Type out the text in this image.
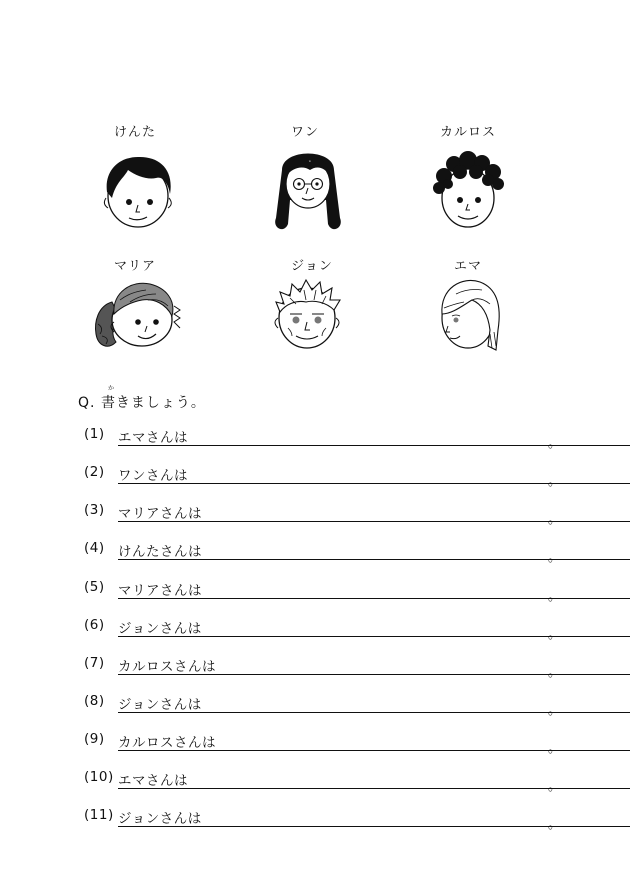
けんた	ワン	カルロス
マリア	ジョン	エマ
か
Q. 書きましょう。
(1) エマさんは	。
(2) ワンさんは	。
(3) マリアさんは	。
(4) けんたさんは	。
(5) マリアさんは	。
(6) ジョンさんは	。
(7) カルロスさんは	。
(8) ジョンさんは	。
(9) カルロスさんは	。
(10) エマさんは	。
(11) ジョンさんは	。
